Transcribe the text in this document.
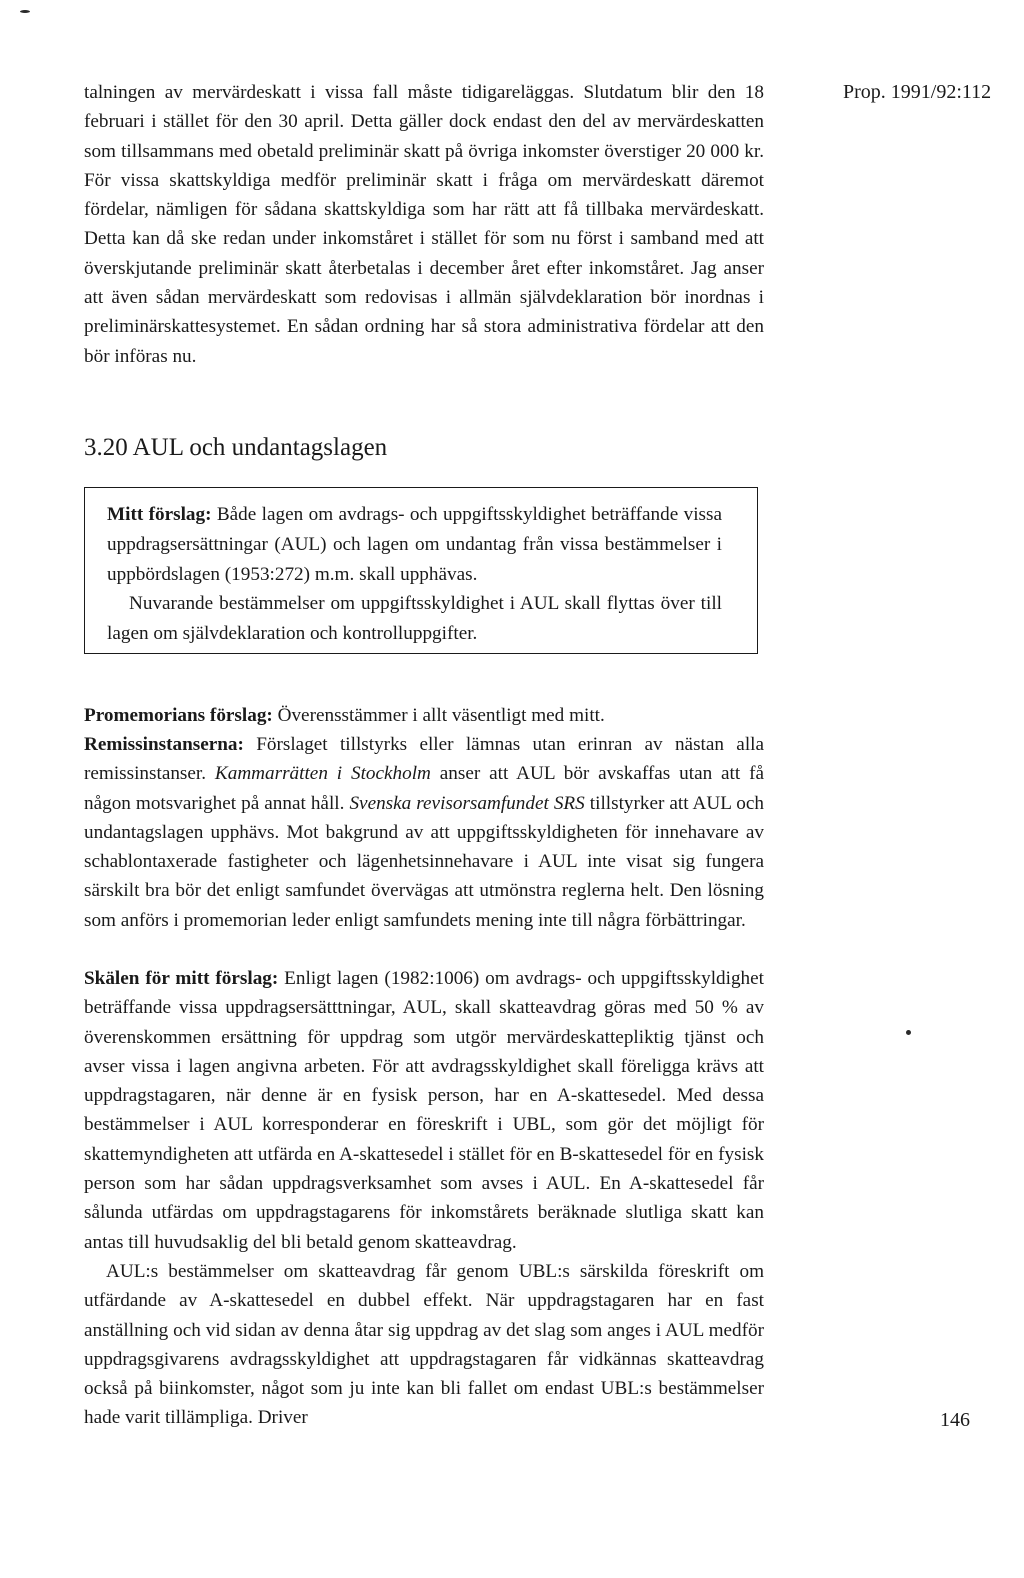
Prop. 1991/92:112

talningen av mervärdeskatt i vissa fall måste tidigareläggas. Slutdatum blir den 18 februari i stället för den 30 april. Detta gäller dock endast den del av mervärdeskatten som tillsammans med obetald preliminär skatt på övriga inkomster överstiger 20 000 kr. För vissa skattskyldiga medför preliminär skatt i fråga om mervärdeskatt däremot fördelar, nämligen för sådana skattskyldiga som har rätt att få tillbaka mervärdeskatt. Detta kan då ske redan under inkomståret i stället för som nu först i samband med att överskjutande preliminär skatt återbetalas i december året efter inkomståret. Jag anser att även sådan mervärdeskatt som redovisas i allmän självdeklaration bör inordnas i preliminärskattesystemet. En sådan ordning har så stora administrativa fördelar att den bör införas nu.

3.20 AUL och undantagslagen

Mitt förslag: Både lagen om avdrags- och uppgiftsskyldighet beträffande vissa uppdragsersättningar (AUL) och lagen om undantag från vissa bestämmelser i uppbördslagen (1953:272) m.m. skall upphävas.
Nuvarande bestämmelser om uppgiftsskyldighet i AUL skall flyttas över till lagen om självdeklaration och kontrolluppgifter.

Promemorians förslag: Överensstämmer i allt väsentligt med mitt.

Remissinstanserna: Förslaget tillstyrks eller lämnas utan erinran av nästan alla remissinstanser. Kammarrätten i Stockholm anser att AUL bör avskaffas utan att få någon motsvarighet på annat håll. Svenska revisorsamfundet SRS tillstyrker att AUL och undantagslagen upphävs. Mot bakgrund av att uppgiftsskyldigheten för innehavare av schablontaxerade fastigheter och lägenhetsinnehavare i AUL inte visat sig fungera särskilt bra bör det enligt samfundet övervägas att utmönstra reglerna helt. Den lösning som anförs i promemorian leder enligt samfundets mening inte till några förbättringar.

Skälen för mitt förslag: Enligt lagen (1982:1006) om avdrags- och uppgiftsskyldighet beträffande vissa uppdragsersätttningar, AUL, skall skatteavdrag göras med 50 % av överenskommen ersättning för uppdrag som utgör mervärdeskattepliktig tjänst och avser vissa i lagen angivna arbeten. För att avdragsskyldighet skall föreligga krävs att uppdragstagaren, när denne är en fysisk person, har en A-skattesedel. Med dessa bestämmelser i AUL korresponderar en föreskrift i UBL, som gör det möjligt för skattemyndigheten att utfärda en A-skattesedel i stället för en B-skattesedel för en fysisk person som har sådan uppdragsverksamhet som avses i AUL. En A-skattesedel får sålunda utfärdas om uppdragstagarens för inkomstårets beräknade slutliga skatt kan antas till huvudsaklig del bli betald genom skatteavdrag.

AUL:s bestämmelser om skatteavdrag får genom UBL:s särskilda föreskrift om utfärdande av A-skattesedel en dubbel effekt. När uppdragstagaren har en fast anställning och vid sidan av denna åtar sig uppdrag av det slag som anges i AUL medför uppdragsgivarens avdragsskyldighet att uppdragstagaren får vidkännas skatteavdrag också på biinkomster, något som ju inte kan bli fallet om endast UBL:s bestämmelser hade varit tillämpliga. Driver	146
